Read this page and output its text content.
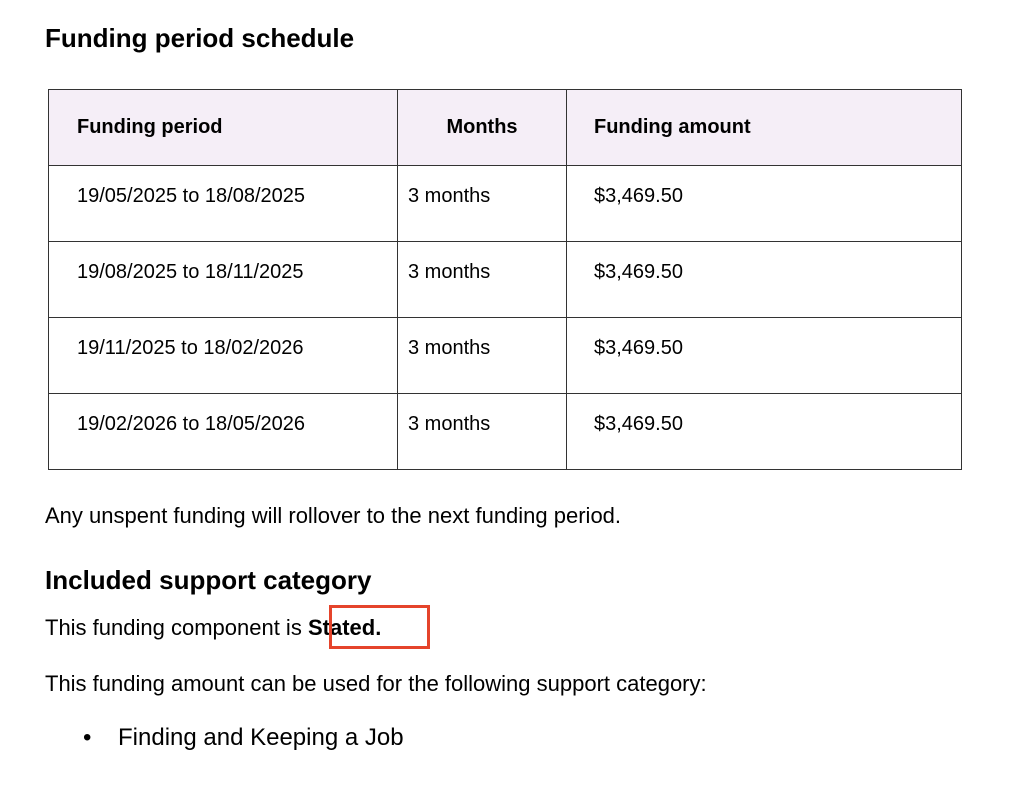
Funding period schedule
Funding period	Months	Funding amount
19/05/2025 to 18/08/2025	3 months	$3,469.50
19/08/2025 to 18/11/2025	3 months	$3,469.50
19/11/2025 to 18/02/2026	3 months	$3,469.50
19/02/2026 to 18/05/2026	3 months	$3,469.50

Any unspent funding will rollover to the next funding period.

Included support category

This funding component is Stated.

This funding amount can be used for the following support category:

• Finding and Keeping a Job
